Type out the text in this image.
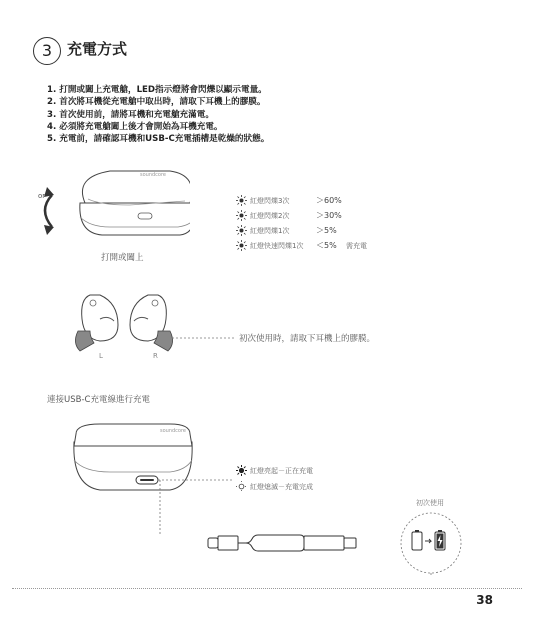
3 充電方式
1. 打開或闔上充電艙，LED指示燈將會閃爍以顯示電量。
2. 首次將耳機從充電艙中取出時，請取下耳機上的膠膜。
3. 首次使用前，請將耳機和充電艙充滿電。
4. 必須將充電艙闔上後才會開始為耳機充電。
5. 充電前，請確認耳機和USB-C充電插槽是乾燥的狀態。
or
soundcore
打開或闔上
紅燈閃爍3次	＞60%
紅燈閃爍2次	＞30%
紅燈閃爍1次	＞5%
紅燈快速閃爍1次 ＜5% 需充電
L	R
初次使用時，請取下耳機上的膠膜。
連接USB-C充電線進行充電
soundcore
紅燈亮起－正在充電
紅燈熄滅－充電完成
初次使用
38
